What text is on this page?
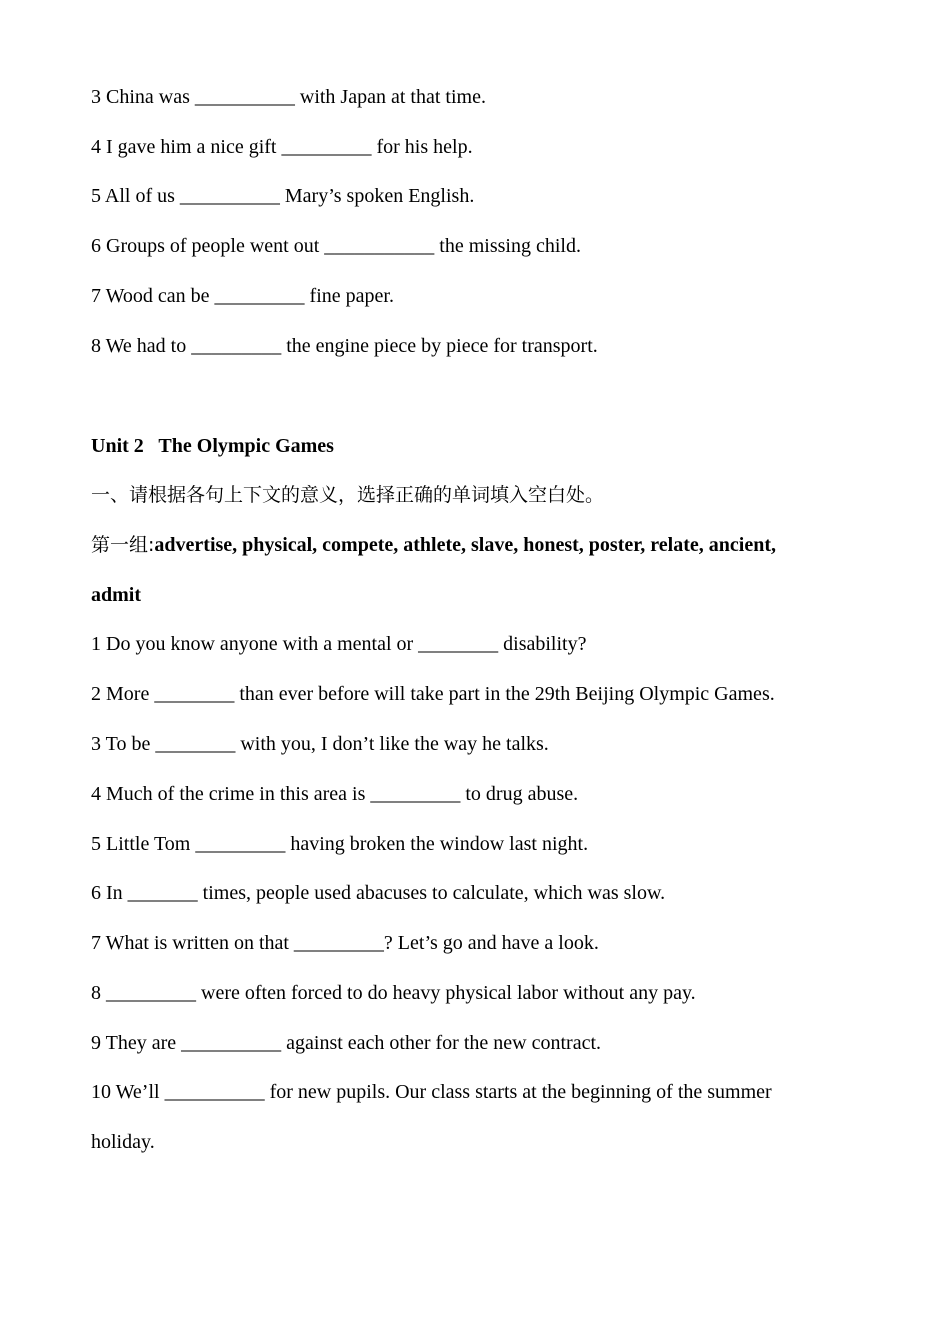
3 China was __________ with Japan at that time.
4 I gave him a nice gift _________ for his help.
5 All of us __________ Mary’s spoken English.
6 Groups of people went out ___________ the missing child.
7 Wood can be _________ fine paper.
8 We had to _________ the engine piece by piece for transport.
Unit 2   The Olympic Games
一、请根据各句上下文的意义，选择正确的单词填入空白处。
第一组:advertise, physical, compete, athlete, slave, honest, poster, relate, ancient,
admit
1 Do you know anyone with a mental or ________ disability?
2 More ________ than ever before will take part in the 29th Beijing Olympic Games.
3 To be ________ with you, I don’t like the way he talks.
4 Much of the crime in this area is _________ to drug abuse.
5 Little Tom _________ having broken the window last night.
6 In _______ times, people used abacuses to calculate, which was slow.
7 What is written on that _________? Let’s go and have a look.
8 _________ were often forced to do heavy physical labor without any pay.
9 They are __________ against each other for the new contract.
10 We’ll __________ for new pupils. Our class starts at the beginning of the summer
holiday.
